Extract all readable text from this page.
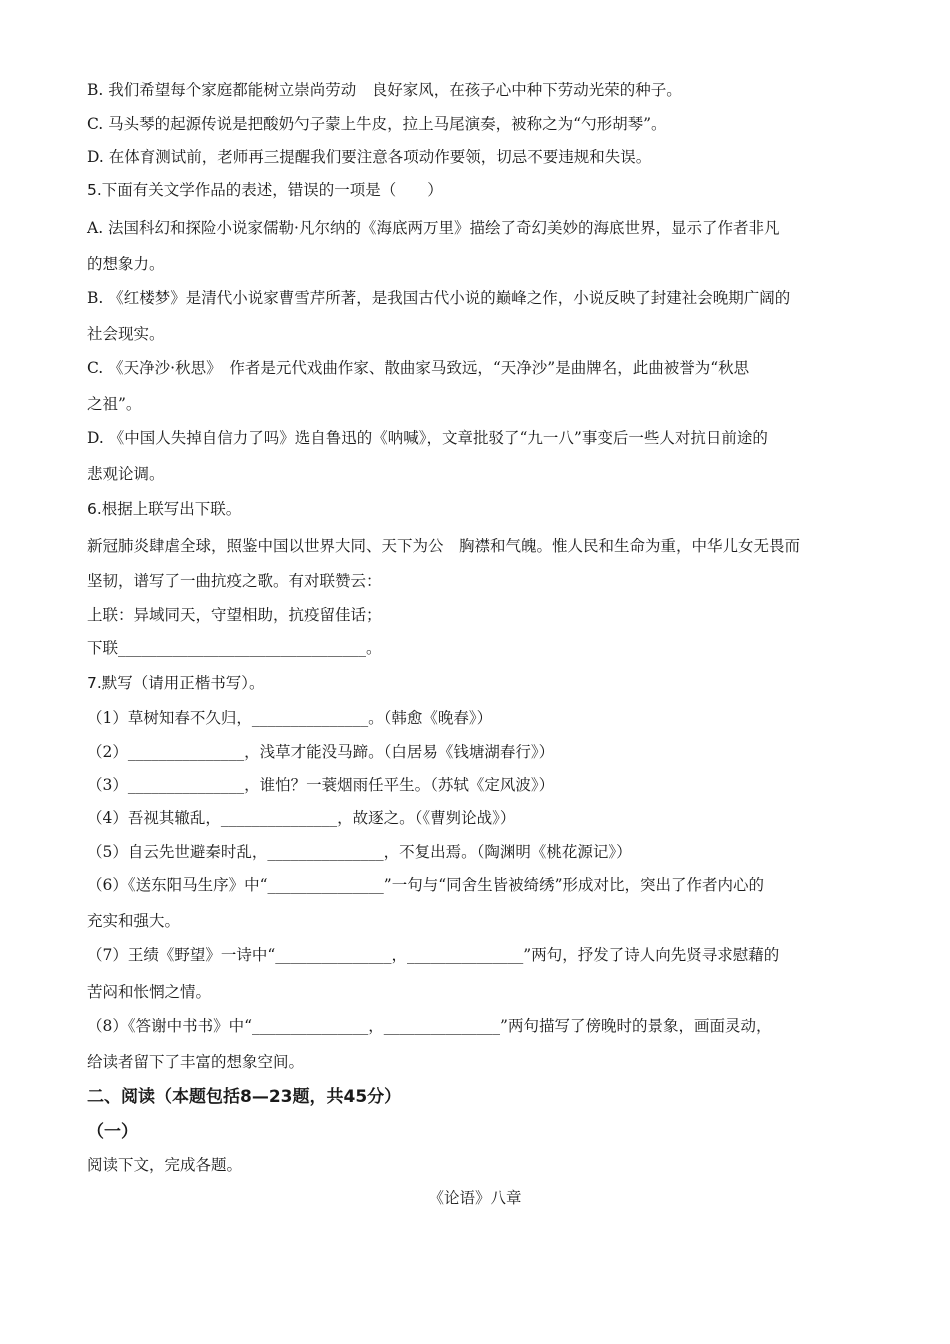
B. 我们希望每个家庭都能树立崇尚劳动　良好家风，在孩子心中种下劳动光荣的种子。
C. 马头琴的起源传说是把酸奶勺子蒙上牛皮，拉上马尾演奏，被称之为“勺形胡琴”。
D. 在体育测试前，老师再三提醒我们要注意各项动作要领，切忌不要违规和失误。
5.下面有关文学作品的表述，错误的一项是（　　）
A. 法国科幻和探险小说家儒勒·凡尔纳的《海底两万里》描绘了奇幻美妙的海底世界，显示了作者非凡
的想象力。
B. 《红楼梦》是清代小说家曹雪芹所著，是我国古代小说的巅峰之作，小说反映了封建社会晚期广阔的
社会现实。
C. 《天净沙·秋思》　作者是元代戏曲作家、散曲家马致远，“天净沙”是曲牌名，此曲被誉为“秋思
之祖”。
D. 《中国人失掉自信力了吗》选自鲁迅的《呐喊》，文章批驳了“九一八”事变后一些人对抗日前途的
悲观论调。
6.根据上联写出下联。
新冠肺炎肆虐全球，照鉴中国以世界大同、天下为公　胸襟和气魄。惟人民和生命为重，中华儿女无畏而
坚韧，谱写了一曲抗疫之歌。有对联赞云：
上联：异域同天，守望相助，抗疫留佳话；
下联________________________________。
7.默写（请用正楷书写）。
（1）草树知春不久归，_______________。（韩愈《晚春》）
（2）_______________，浅草才能没马蹄。（白居易《钱塘湖春行》）
（3）_______________，谁怕？一蓑烟雨任平生。（苏轼《定风波》）
（4）吾视其辙乱，_______________，故逐之。（《曹刿论战》）
（5）自云先世避秦时乱，_______________，不复出焉。（陶渊明《桃花源记》）
（6）《送东阳马生序》中“_______________”一句与“同舍生皆被绮绣”形成对比，突出了作者内心的
充实和强大。
（7）王绩《野望》一诗中“_______________，_______________”两句，抒发了诗人向先贤寻求慰藉的
苦闷和怅惘之情。
（8）《答谢中书书》中“_______________，_______________”两句描写了傍晚时的景象，画面灵动，
给读者留下了丰富的想象空间。
二、阅读（本题包括8—23题，共45分）
（一）
阅读下文，完成各题。
《论语》八章
